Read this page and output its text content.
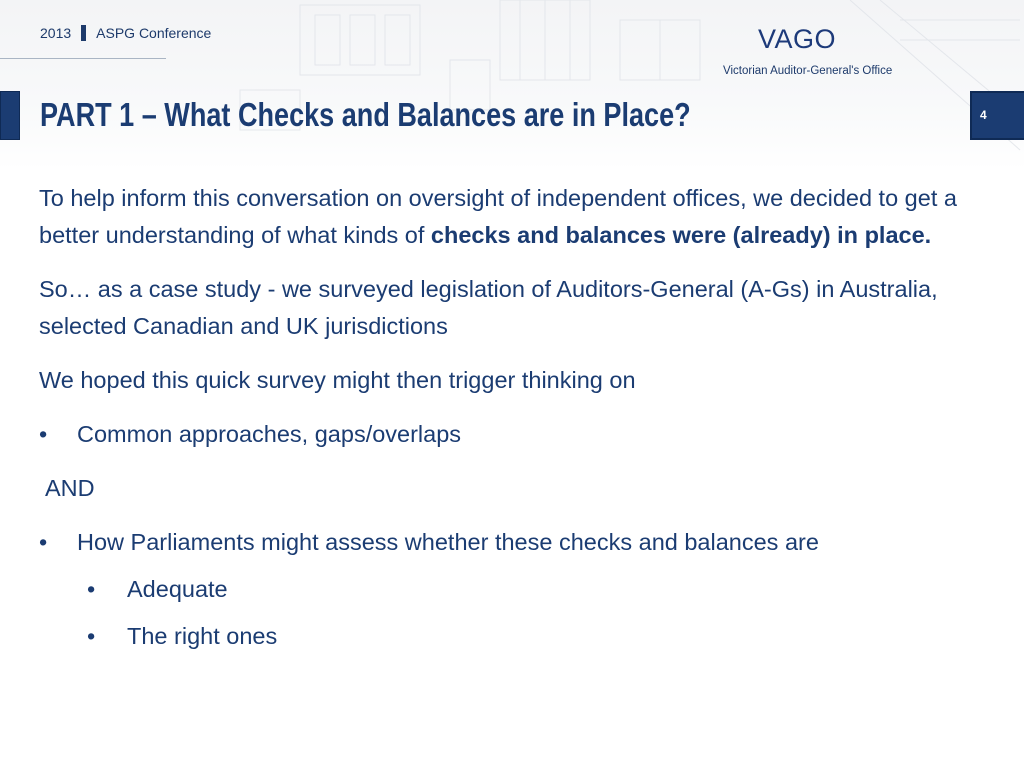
2013 ASPG Conference	VAGO
Victorian Auditor-General's Office
PART 1 – What Checks and Balances are in Place?	4

To help inform this conversation on oversight of independent offices, we decided to get a better understanding of what kinds of checks and balances were (already) in place.

So… as a case study - we surveyed legislation of Auditors-General (A-Gs) in Australia, selected Canadian and UK jurisdictions

We hoped this quick survey might then trigger thinking on

•	Common approaches, gaps/overlaps

AND

•	How Parliaments might assess whether these checks and balances are
•	Adequate
•	The right ones
